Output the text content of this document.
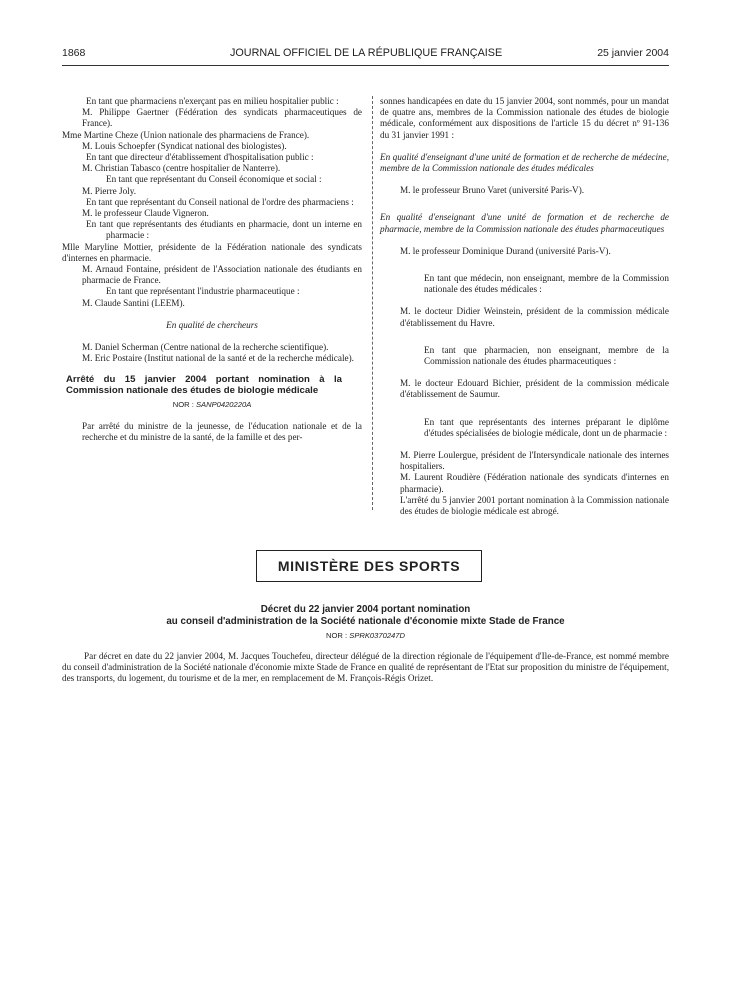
1868	JOURNAL OFFICIEL DE LA RÉPUBLIQUE FRANÇAISE	25 janvier 2004

En tant que pharmaciens n'exerçant pas en milieu hospitalier public :

M. Philippe Gaertner (Fédération des syndicats pharmaceutiques de France).

Mme Martine Cheze (Union nationale des pharmaciens de France).

M. Louis Schoepfer (Syndicat national des biologistes).

En tant que directeur d'établissement d'hospitalisation public :

M. Christian Tabasco (centre hospitalier de Nanterre).

En tant que représentant du Conseil économique et social :

M. Pierre Joly.

En tant que représentant du Conseil national de l'ordre des pharmaciens :

M. le professeur Claude Vigneron.

En tant que représentants des étudiants en pharmacie, dont un interne en pharmacie :

Mlle Maryline Mottier, présidente de la Fédération nationale des syndicats d'internes en pharmacie.

M. Arnaud Fontaine, président de l'Association nationale des étudiants en pharmacie de France.

En tant que représentant l'industrie pharmaceutique :

M. Claude Santini (LEEM).

En qualité de chercheurs

M. Daniel Scherman (Centre national de la recherche scientifique).

M. Eric Postaire (Institut national de la santé et de la recherche médicale).

Arrêté du 15 janvier 2004 portant nomination à la Commission nationale des études de biologie médicale

NOR : SANP0420220A

Par arrêté du ministre de la jeunesse, de l'éducation nationale et de la recherche et du ministre de la santé, de la famille et des per-

sonnes handicapées en date du 15 janvier 2004, sont nommés, pour un mandat de quatre ans, membres de la Commission nationale des études de biologie médicale, conformément aux dispositions de l'article 15 du décret nº 91-136 du 31 janvier 1991 :

En qualité d'enseignant d'une unité de formation et de recherche de médecine, membre de la Commission nationale des études médicales

M. le professeur Bruno Varet (université Paris-V).

En qualité d'enseignant d'une unité de formation et de recherche de pharmacie, membre de la Commission nationale des études pharmaceutiques

M. le professeur Dominique Durand (université Paris-V).

En tant que médecin, non enseignant, membre de la Commission nationale des études médicales :

M. le docteur Didier Weinstein, président de la commission médicale d'établissement du Havre.

En tant que pharmacien, non enseignant, membre de la Commission nationale des études pharmaceutiques :

M. le docteur Edouard Bichier, président de la commission médicale d'établissement de Saumur.

En tant que représentants des internes préparant le diplôme d'études spécialisées de biologie médicale, dont un de pharmacie :

M. Pierre Loulergue, président de l'Intersyndicale nationale des internes hospitaliers.

M. Laurent Roudière (Fédération nationale des syndicats d'internes en pharmacie).

L'arrêté du 5 janvier 2001 portant nomination à la Commission nationale des études de biologie médicale est abrogé.

MINISTÈRE DES SPORTS
Décret du 22 janvier 2004 portant nomination
au conseil d'administration de la Société nationale d'économie mixte Stade de France
NOR : SPRK0370247D

Par décret en date du 22 janvier 2004, M. Jacques Touchefeu, directeur délégué de la direction régionale de l'équipement d'Ile-de-France, est nommé membre du conseil d'administration de la Société nationale d'économie mixte Stade de France en qualité de représentant de l'Etat sur proposition du ministre de l'équipement, des transports, du logement, du tourisme et de la mer, en remplacement de M. François-Régis Orizet.
